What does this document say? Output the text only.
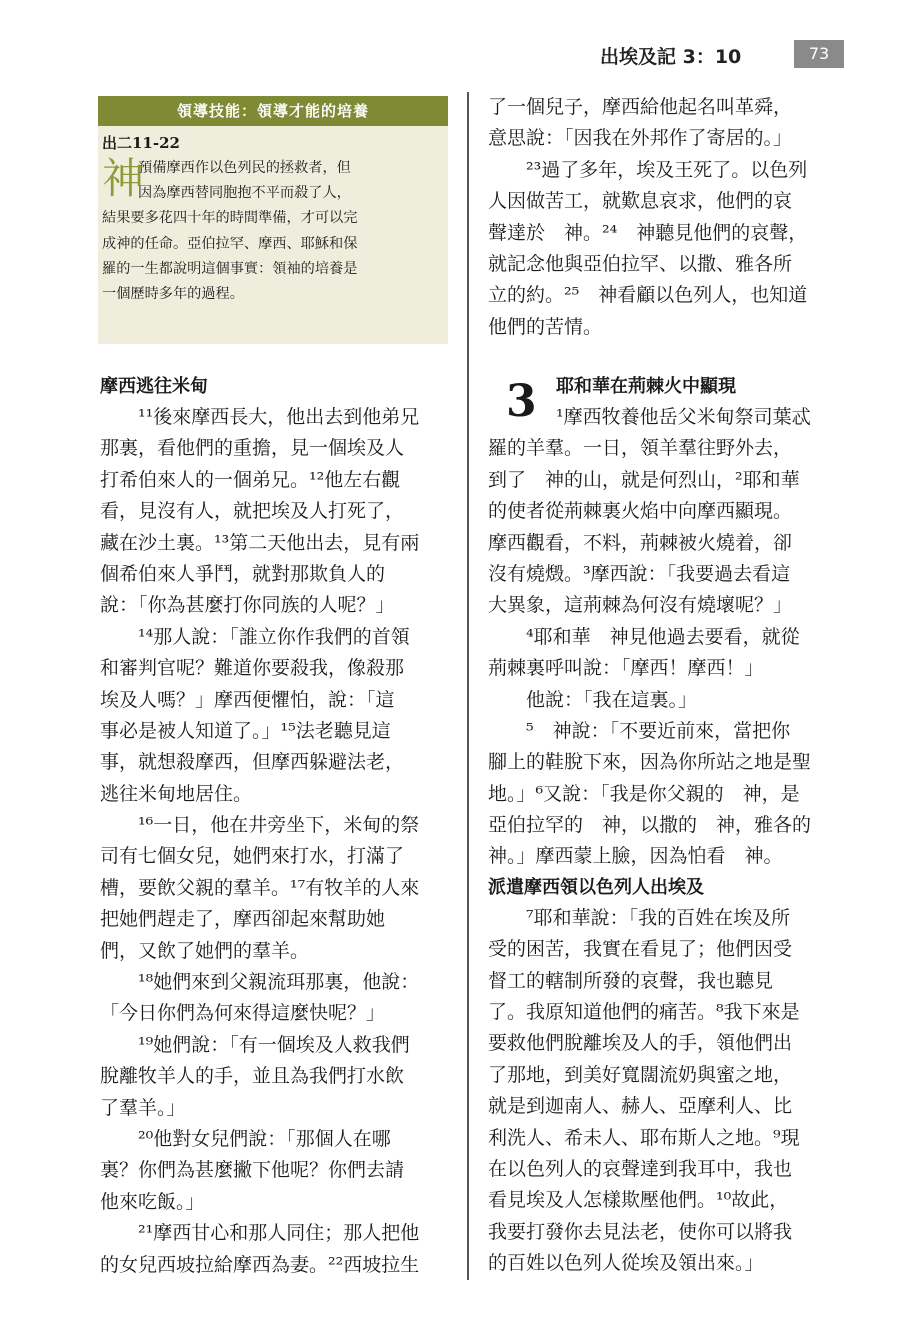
出埃及記 3：10	73
領導技能：領導才能的培養
出二11-22
神
預備摩西作以色列民的拯救者，但
因為摩西替同胞抱不平而殺了人，
結果要多花四十年的時間準備，才可以完
成神的任命。亞伯拉罕、摩西、耶穌和保
羅的一生都說明這個事實：領袖的培養是
一個歷時多年的過程。
摩西逃往米甸
¹¹後來摩西長大，他出去到他弟兄
那裏，看他們的重擔，見一個埃及人
打希伯來人的一個弟兄。¹²他左右觀
看，見沒有人，就把埃及人打死了，
藏在沙土裏。¹³第二天他出去，見有兩
個希伯來人爭鬥，就對那欺負人的
說：「你為甚麼打你同族的人呢？」
¹⁴那人說：「誰立你作我們的首領
和審判官呢？難道你要殺我，像殺那
埃及人嗎？」摩西便懼怕，說：「這
事必是被人知道了。」¹⁵法老聽見這
事，就想殺摩西，但摩西躲避法老，
逃往米甸地居住。
¹⁶一日，他在井旁坐下，米甸的祭
司有七個女兒，她們來打水，打滿了
槽，要飲父親的羣羊。¹⁷有牧羊的人來
把她們趕走了，摩西卻起來幫助她
們，又飲了她們的羣羊。
¹⁸她們來到父親流珥那裏，他說：
「今日你們為何來得這麼快呢？」
¹⁹她們說：「有一個埃及人救我們
脫離牧羊人的手，並且為我們打水飲
了羣羊。」
²⁰他對女兒們說：「那個人在哪
裏？你們為甚麼撇下他呢？你們去請
他來吃飯。」
²¹摩西甘心和那人同住；那人把他
的女兒西坡拉給摩西為妻。²²西坡拉生
了一個兒子，摩西給他起名叫革舜，
意思說：「因我在外邦作了寄居的。」
²³過了多年，埃及王死了。以色列
人因做苦工，就歎息哀求，他們的哀
聲達於　神。²⁴　神聽見他們的哀聲，
就記念他與亞伯拉罕、以撒、雅各所
立的約。²⁵　神看顧以色列人，也知道
他們的苦情。
3	耶和華在荊棘火中顯現
¹摩西牧養他岳父米甸祭司葉忒
羅的羊羣。一日，領羊羣往野外去，
到了　神的山，就是何烈山，²耶和華
的使者從荊棘裏火焰中向摩西顯現。
摩西觀看，不料，荊棘被火燒着，卻
沒有燒燬。³摩西說：「我要過去看這
大異象，這荊棘為何沒有燒壞呢？」
⁴耶和華　神見他過去要看，就從
荊棘裏呼叫說：「摩西！摩西！」
他說：「我在這裏。」
⁵　神說：「不要近前來，當把你
腳上的鞋脫下來，因為你所站之地是聖
地。」⁶又說：「我是你父親的　神，是
亞伯拉罕的　神，以撒的　神，雅各的
神。」摩西蒙上臉，因為怕看　神。
派遣摩西領以色列人出埃及
⁷耶和華說：「我的百姓在埃及所
受的困苦，我實在看見了；他們因受
督工的轄制所發的哀聲，我也聽見
了。我原知道他們的痛苦。⁸我下來是
要救他們脫離埃及人的手，領他們出
了那地，到美好寬闊流奶與蜜之地，
就是到迦南人、赫人、亞摩利人、比
利洗人、希未人、耶布斯人之地。⁹現
在以色列人的哀聲達到我耳中，我也
看見埃及人怎樣欺壓他們。¹⁰故此，
我要打發你去見法老，使你可以將我
的百姓以色列人從埃及領出來。」
